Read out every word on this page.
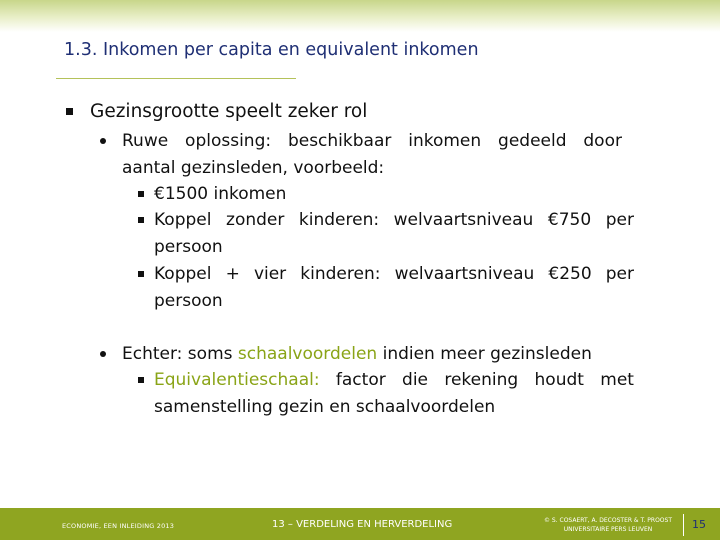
1.3. Inkomen per capita en equivalent inkomen
Gezinsgrootte speelt zeker rol
Ruwe oplossing: beschikbaar inkomen gedeeld door
aantal gezinsleden, voorbeeld:
€1500 inkomen
Koppel zonder kinderen: welvaartsniveau €750 per
persoon
Koppel + vier kinderen: welvaartsniveau €250 per
persoon
Echter: soms schaalvoordelen indien meer gezinsleden
Equivalentieschaal: factor die rekening houdt met
samenstelling gezin en schaalvoordelen
ECONOMIE, EEN INLEIDING 2013	13 – VERDELING EN HERVERDELING	© S. COSAERT, A. DECOSTER & T. PROOST
UNIVERSITAIRE PERS LEUVEN	15
